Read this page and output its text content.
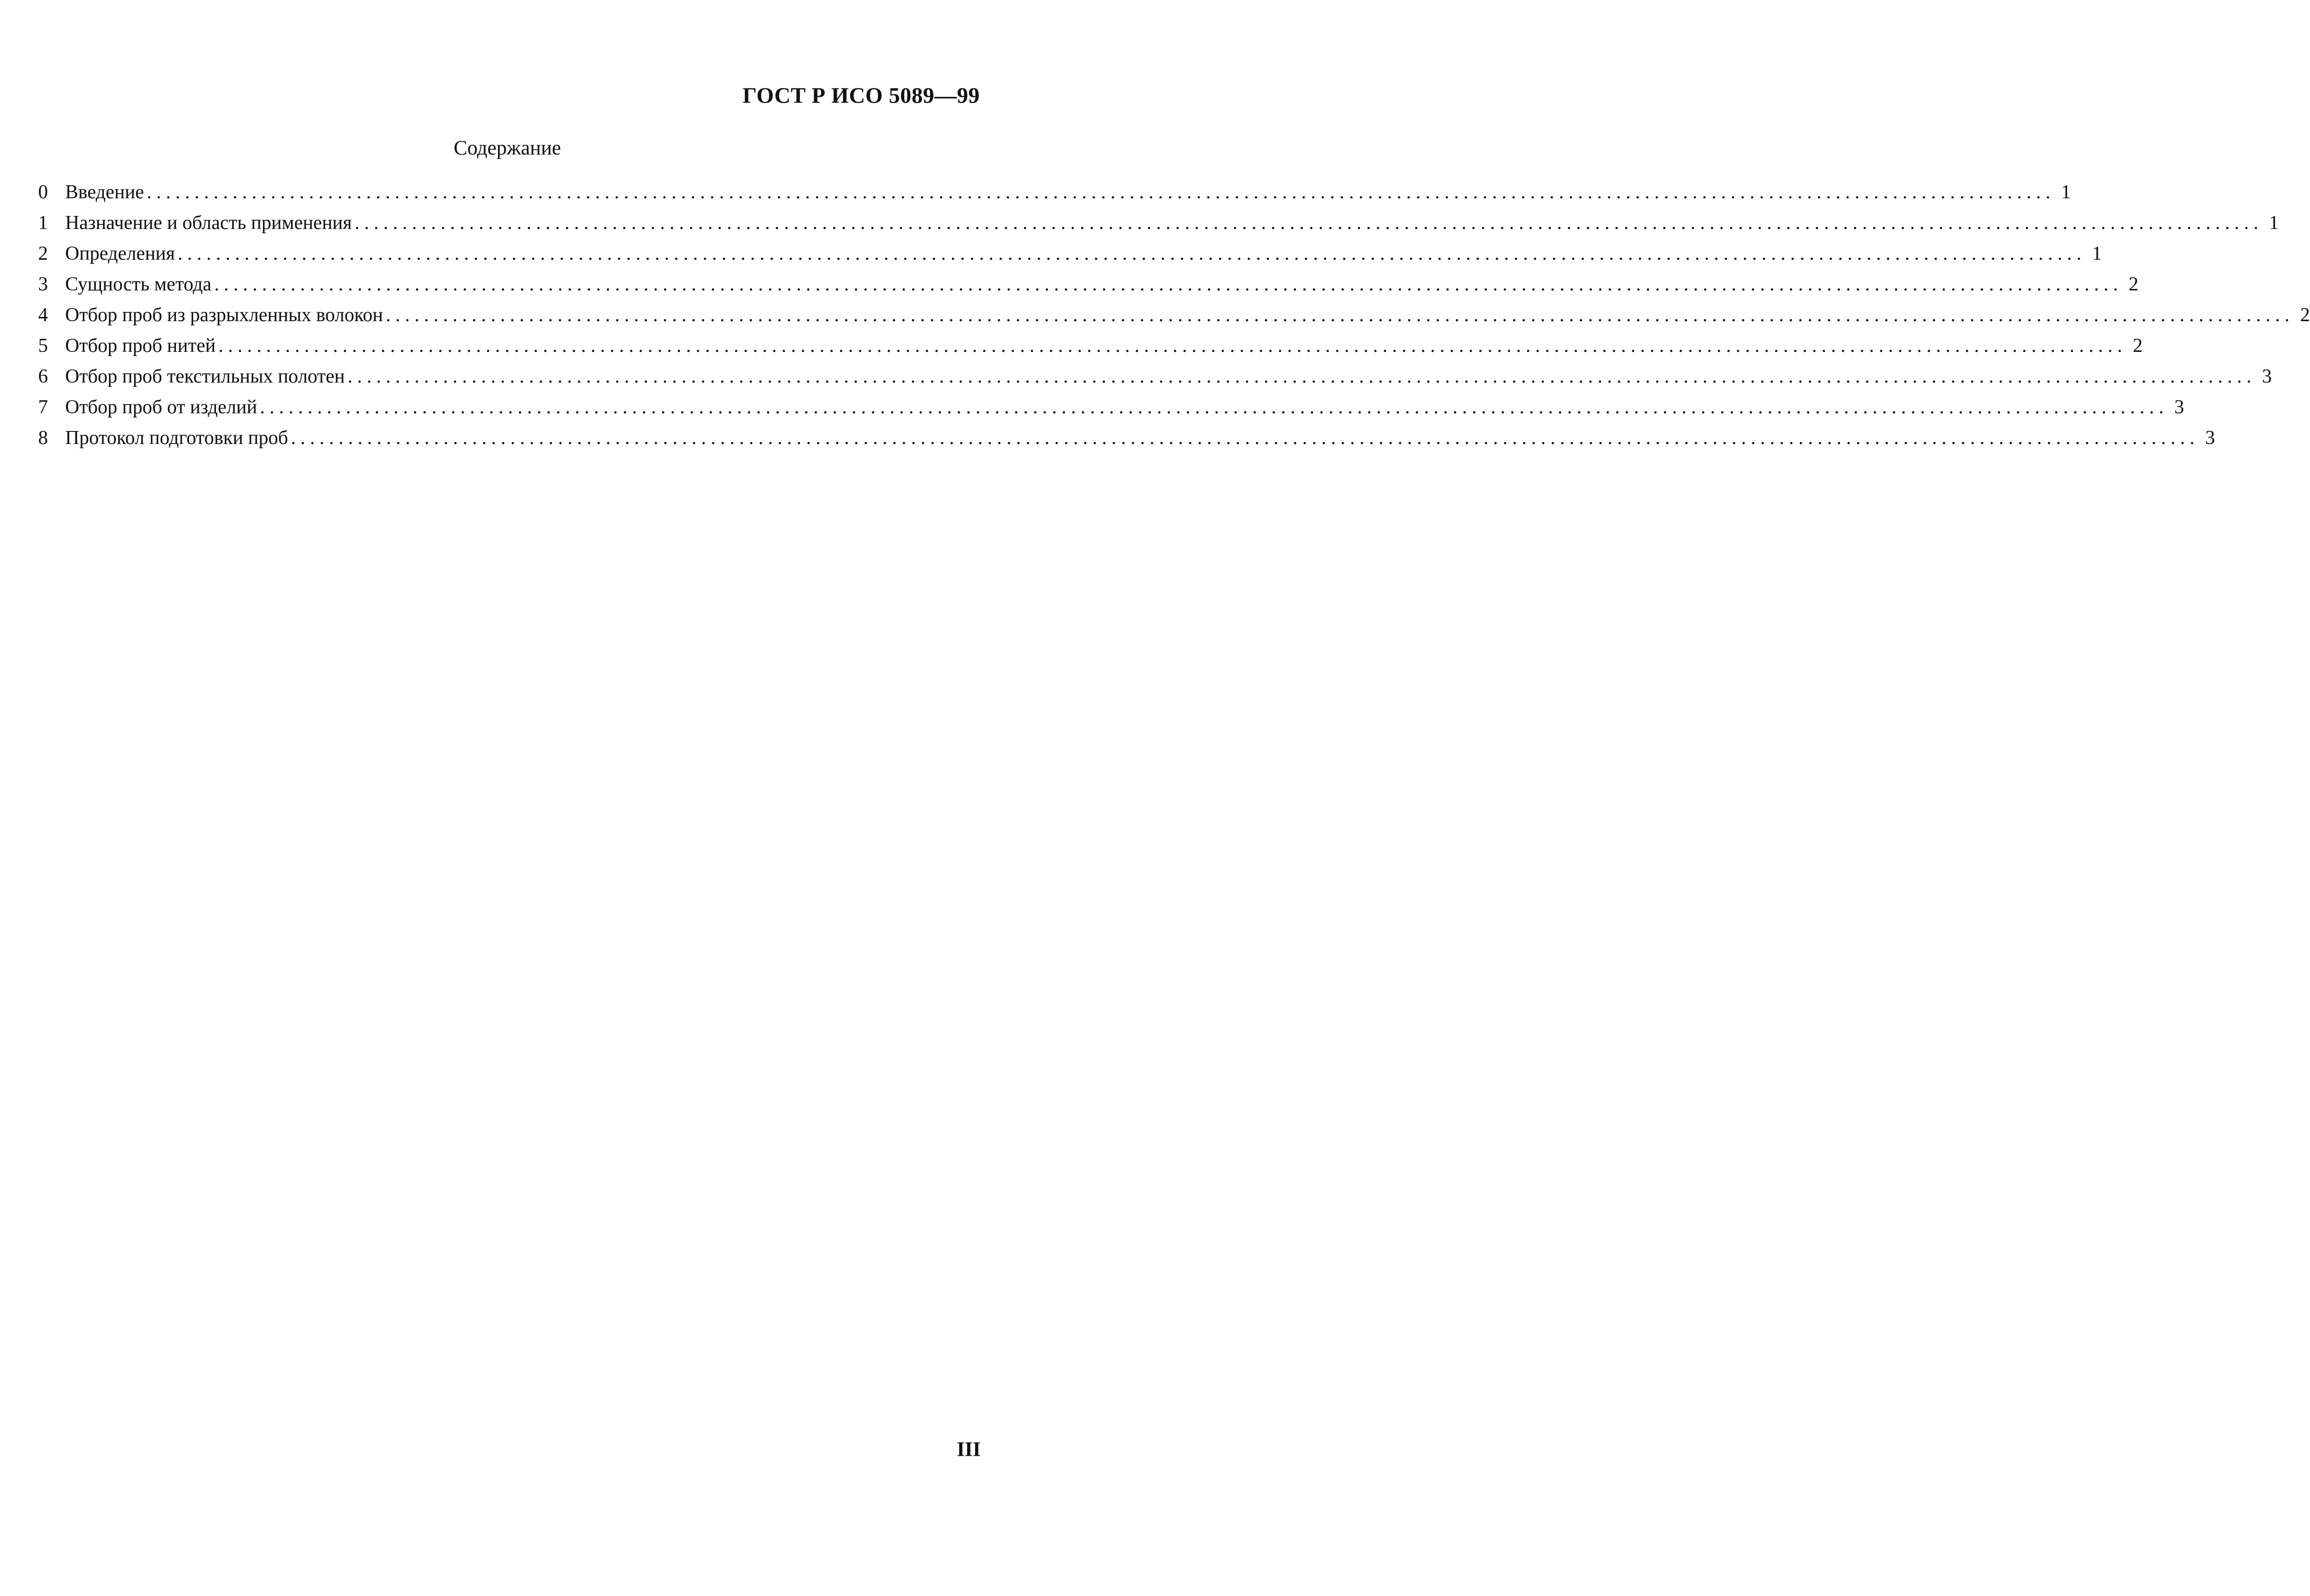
ГОСТ Р ИСО 5089—99
Содержание
0 Введение ........................................................................................................................................................................................................ 1
1 Назначение и область применения ........................................................................................................................................................................................................ 1
2 Определения ........................................................................................................................................................................................................ 1
3 Сущность метода ........................................................................................................................................................................................................ 2
4 Отбор проб из разрыхленных волокон ........................................................................................................................................................................................................ 2
5 Отбор проб нитей ........................................................................................................................................................................................................ 2
6 Отбор проб текстильных полотен ........................................................................................................................................................................................................ 3
7 Отбор проб от изделий ........................................................................................................................................................................................................ 3
8 Протокол подготовки проб ........................................................................................................................................................................................................ 3
III
